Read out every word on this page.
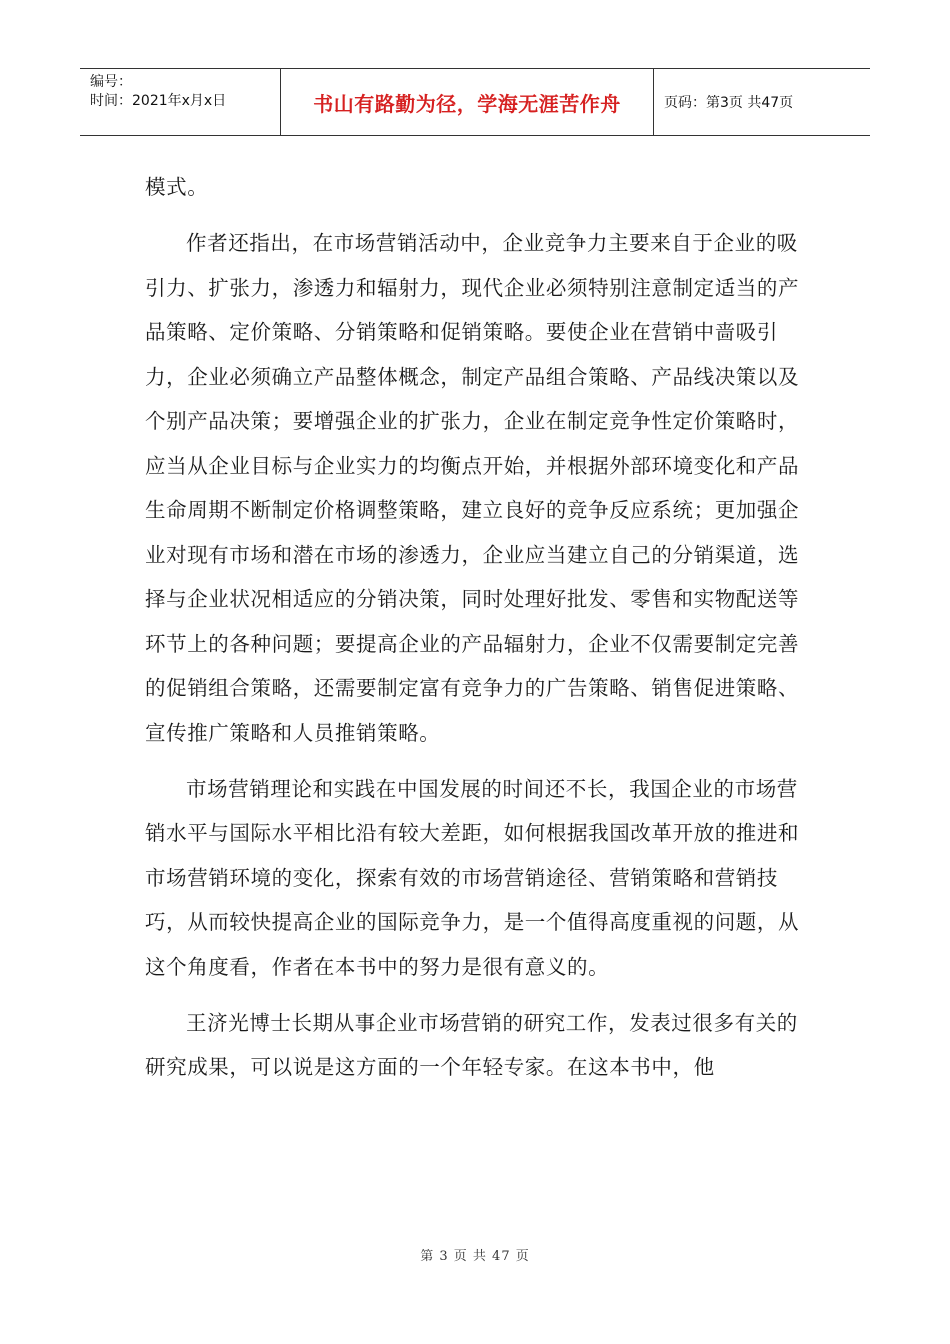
编号：
时间：2021年x月x日	书山有路勤为径，学海无涯苦作舟	页码：第3页 共47页

模式。

作者还指出，在市场营销活动中，企业竞争力主要来自于企业的吸引力、扩张力，渗透力和辐射力，现代企业必须特别注意制定适当的产品策略、定价策略、分销策略和促销策略。要使企业在营销中啬吸引力，企业必须确立产品整体概念，制定产品组合策略、产品线决策以及个别产品决策；要增强企业的扩张力，企业在制定竞争性定价策略时，应当从企业目标与企业实力的均衡点开始，并根据外部环境变化和产品生命周期不断制定价格调整策略，建立良好的竞争反应系统；更加强企业对现有市场和潜在市场的渗透力，企业应当建立自己的分销渠道，选择与企业状况相适应的分销决策，同时处理好批发、零售和实物配送等环节上的各种问题；要提高企业的产品辐射力，企业不仅需要制定完善的促销组合策略，还需要制定富有竞争力的广告策略、销售促进策略、宣传推广策略和人员推销策略。

市场营销理论和实践在中国发展的时间还不长，我国企业的市场营销水平与国际水平相比沿有较大差距，如何根据我国改革开放的推进和市场营销环境的变化，探索有效的市场营销途径、营销策略和营销技巧，从而较快提高企业的国际竞争力，是一个值得高度重视的问题，从这个角度看，作者在本书中的努力是很有意义的。

王济光博士长期从事企业市场营销的研究工作，发表过很多有关的研究成果，可以说是这方面的一个年轻专家。在这本书中，他

第 3 页 共 47 页
